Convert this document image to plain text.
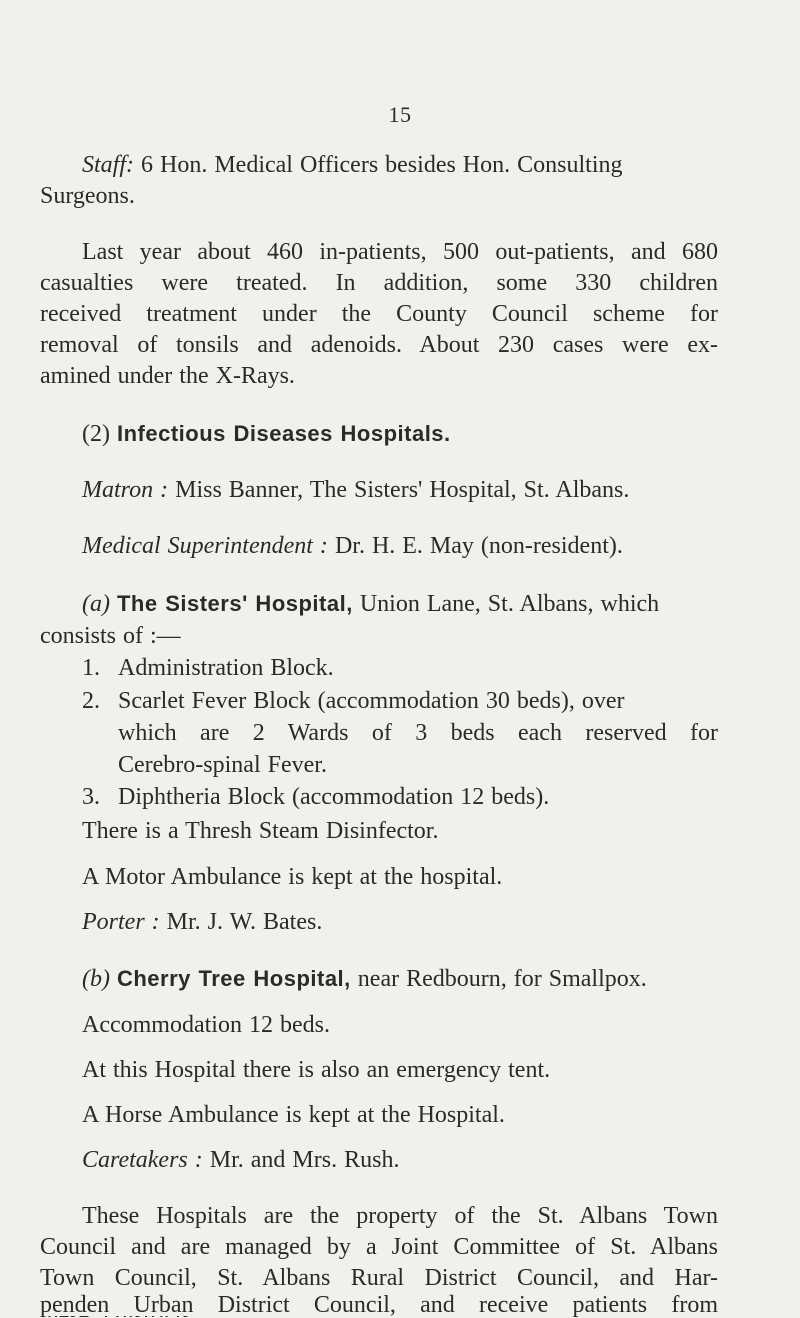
15
Staff: 6 Hon. Medical Officers besides Hon. Consulting
Surgeons.
Last year about 460 in-patients, 500 out-patients, and 680
casualties were treated. In addition, some 330 children
received treatment under the County Council scheme for
removal of tonsils and adenoids. About 230 cases were ex-
amined under the X-Rays.
(2) Infectious Diseases Hospitals.
Matron : Miss Banner, The Sisters' Hospital, St. Albans.
Medical Superintendent : Dr. H. E. May (non-resident).
(a) The Sisters' Hospital, Union Lane, St. Albans, which
consists of :—
1. Administration Block.
2. Scarlet Fever Block (accommodation 30 beds), over
which are 2 Wards of 3 beds each reserved for
Cerebro-spinal Fever.
3. Diphtheria Block (accommodation 12 beds).
There is a Thresh Steam Disinfector.
A Motor Ambulance is kept at the hospital.
Porter : Mr. J. W. Bates.
(b) Cherry Tree Hospital, near Redbourn, for Smallpox.
Accommodation 12 beds.
At this Hospital there is also an emergency tent.
A Horse Ambulance is kept at the Hospital.
Caretakers : Mr. and Mrs. Rush.
These Hospitals are the property of the St. Albans Town
Council and are managed by a Joint Committee of St. Albans
Town Council, St. Albans Rural District Council, and Har-
penden Urban District Council, and receive patients from
